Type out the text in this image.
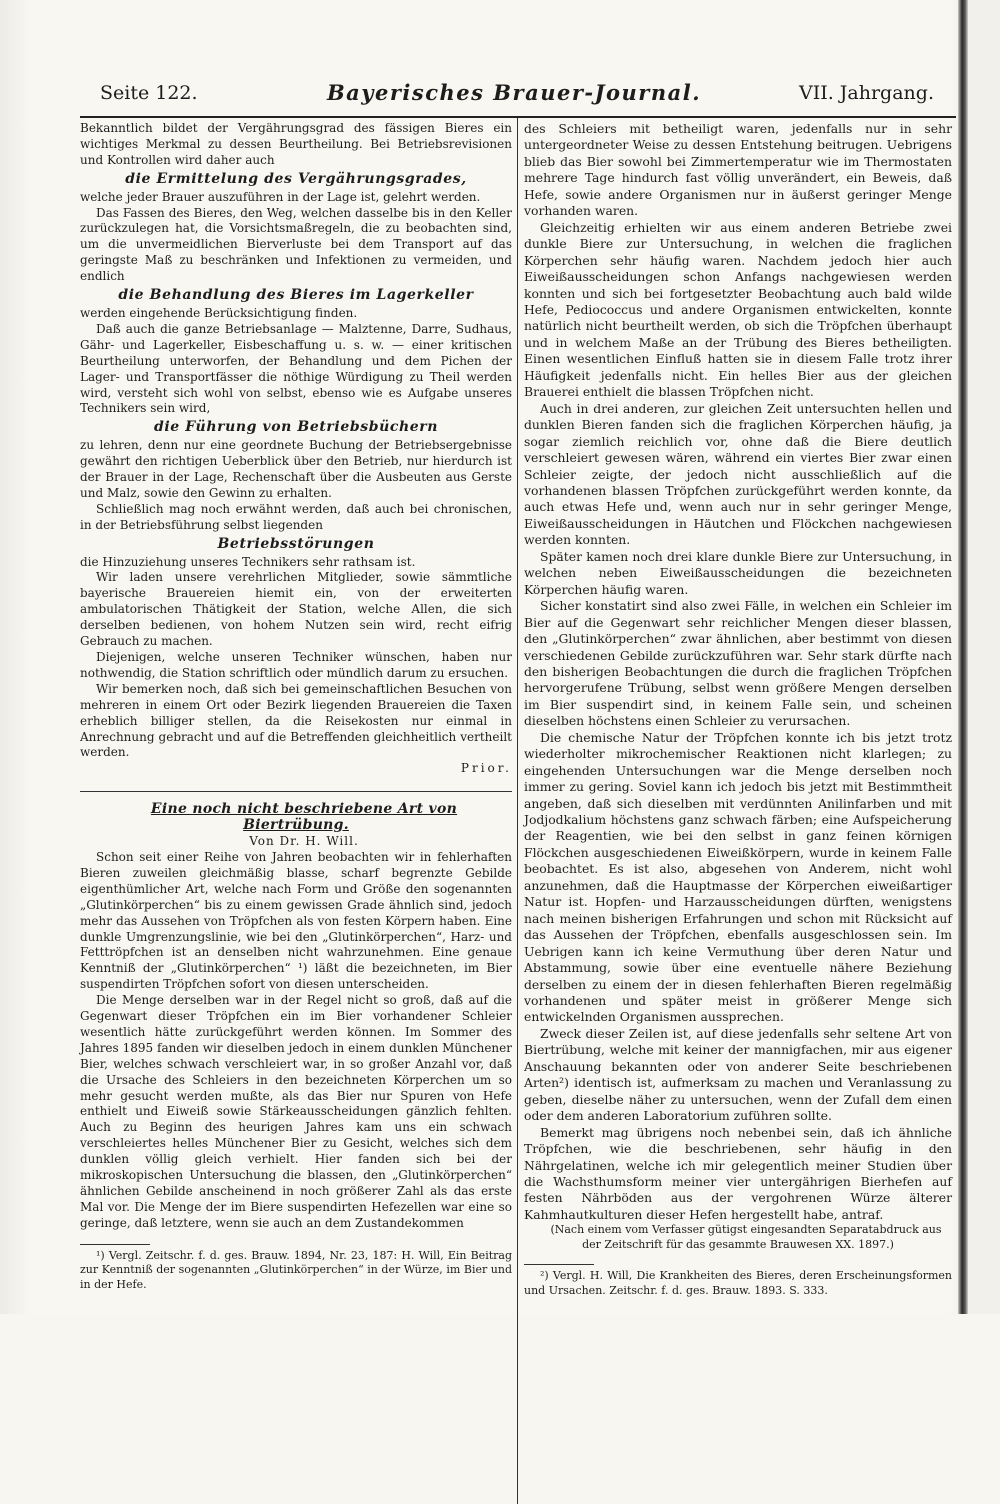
Seite 122.	Bayerisches Brauer-Journal.	VII. Jahrgang.

Bekanntlich bildet der Vergährungsgrad des fässigen Bieres ein wichtiges Merkmal zu dessen Beurtheilung. Bei Betriebsrevisionen und Kontrollen wird daher auch

die Ermittelung des Vergährungsgrades,

welche jeder Brauer auszuführen in der Lage ist, gelehrt werden.

Das Fassen des Bieres, den Weg, welchen dasselbe bis in den Keller zurückzulegen hat, die Vorsichtsmaßregeln, die zu beobachten sind, um die unvermeidlichen Bierverluste bei dem Transport auf das geringste Maß zu beschränken und Infektionen zu vermeiden, und endlich

die Behandlung des Bieres im Lagerkeller

werden eingehende Berücksichtigung finden.

Daß auch die ganze Betriebsanlage — Malztenne, Darre, Sudhaus, Gähr- und Lagerkeller, Eisbeschaffung u. s. w. — einer kritischen Beurtheilung unterworfen, der Behandlung und dem Pichen der Lager- und Transportfässer die nöthige Würdigung zu Theil werden wird, versteht sich wohl von selbst, ebenso wie es Aufgabe unseres Technikers sein wird,

die Führung von Betriebsbüchern

zu lehren, denn nur eine geordnete Buchung der Betriebsergebnisse gewährt den richtigen Ueberblick über den Betrieb, nur hierdurch ist der Brauer in der Lage, Rechenschaft über die Ausbeuten aus Gerste und Malz, sowie den Gewinn zu erhalten.

Schließlich mag noch erwähnt werden, daß auch bei chronischen, in der Betriebsführung selbst liegenden

Betriebsstörungen

die Hinzuziehung unseres Technikers sehr rathsam ist.

Wir laden unsere verehrlichen Mitglieder, sowie sämmtliche bayerische Brauereien hiemit ein, von der erweiterten ambulatorischen Thätigkeit der Station, welche Allen, die sich derselben bedienen, von hohem Nutzen sein wird, recht eifrig Gebrauch zu machen.

Diejenigen, welche unseren Techniker wünschen, haben nur nothwendig, die Station schriftlich oder mündlich darum zu ersuchen.

Wir bemerken noch, daß sich bei gemeinschaftlichen Besuchen von mehreren in einem Ort oder Bezirk liegenden Brauereien die Taxen erheblich billiger stellen, da die Reisekosten nur einmal in Anrechnung gebracht und auf die Betreffenden gleichheitlich vertheilt werden.

Prior.

Eine noch nicht beschriebene Art von Biertrübung.

Von Dr. H. Will.

Schon seit einer Reihe von Jahren beobachten wir in fehlerhaften Bieren zuweilen gleichmäßig blasse, scharf begrenzte Gebilde eigenthümlicher Art, welche nach Form und Größe den sogenannten „Glutinkörperchen“ bis zu einem gewissen Grade ähnlich sind, jedoch mehr das Aussehen von Tröpfchen als von festen Körpern haben. Eine dunkle Umgrenzungslinie, wie bei den „Glutinkörperchen“, Harz- und Fetttröpfchen ist an denselben nicht wahrzunehmen. Eine genaue Kenntniß der „Glutinkörperchen“ ¹) läßt die bezeichneten, im Bier suspendirten Tröpfchen sofort von diesen unterscheiden.

Die Menge derselben war in der Regel nicht so groß, daß auf die Gegenwart dieser Tröpfchen ein im Bier vorhandener Schleier wesentlich hätte zurückgeführt werden können. Im Sommer des Jahres 1895 fanden wir dieselben jedoch in einem dunklen Münchener Bier, welches schwach verschleiert war, in so großer Anzahl vor, daß die Ursache des Schleiers in den bezeichneten Körperchen um so mehr gesucht werden mußte, als das Bier nur Spuren von Hefe enthielt und Eiweiß sowie Stärkeausscheidungen gänzlich fehlten. Auch zu Beginn des heurigen Jahres kam uns ein schwach verschleiertes helles Münchener Bier zu Gesicht, welches sich dem dunklen völlig gleich verhielt. Hier fanden sich bei der mikroskopischen Untersuchung die blassen, den „Glutinkörperchen“ ähnlichen Gebilde anscheinend in noch größerer Zahl als das erste Mal vor. Die Menge der im Biere suspendirten Hefezellen war eine so geringe, daß letztere, wenn sie auch an dem Zustandekommen

¹) Vergl. Zeitschr. f. d. ges. Brauw. 1894, Nr. 23, 187: H. Will, Ein Beitrag zur Kenntniß der sogenannten „Glutinkörperchen“ in der Würze, im Bier und in der Hefe.

des Schleiers mit betheiligt waren, jedenfalls nur in sehr untergeordneter Weise zu dessen Entstehung beitrugen. Uebrigens blieb das Bier sowohl bei Zimmertemperatur wie im Thermostaten mehrere Tage hindurch fast völlig unverändert, ein Beweis, daß Hefe, sowie andere Organismen nur in äußerst geringer Menge vorhanden waren.

Gleichzeitig erhielten wir aus einem anderen Betriebe zwei dunkle Biere zur Untersuchung, in welchen die fraglichen Körperchen sehr häufig waren. Nachdem jedoch hier auch Eiweißausscheidungen schon Anfangs nachgewiesen werden konnten und sich bei fortgesetzter Beobachtung auch bald wilde Hefe, Pediococcus und andere Organismen entwickelten, konnte natürlich nicht beurtheilt werden, ob sich die Tröpfchen überhaupt und in welchem Maße an der Trübung des Bieres betheiligten. Einen wesentlichen Einfluß hatten sie in diesem Falle trotz ihrer Häufigkeit jedenfalls nicht. Ein helles Bier aus der gleichen Brauerei enthielt die blassen Tröpfchen nicht.

Auch in drei anderen, zur gleichen Zeit untersuchten hellen und dunklen Bieren fanden sich die fraglichen Körperchen häufig, ja sogar ziemlich reichlich vor, ohne daß die Biere deutlich verschleiert gewesen wären, während ein viertes Bier zwar einen Schleier zeigte, der jedoch nicht ausschließlich auf die vorhandenen blassen Tröpfchen zurückgeführt werden konnte, da auch etwas Hefe und, wenn auch nur in sehr geringer Menge, Eiweißausscheidungen in Häutchen und Flöckchen nachgewiesen werden konnten.

Später kamen noch drei klare dunkle Biere zur Untersuchung, in welchen neben Eiweißausscheidungen die bezeichneten Körperchen häufig waren.

Sicher konstatirt sind also zwei Fälle, in welchen ein Schleier im Bier auf die Gegenwart sehr reichlicher Mengen dieser blassen, den „Glutinkörperchen“ zwar ähnlichen, aber bestimmt von diesen verschiedenen Gebilde zurückzuführen war. Sehr stark dürfte nach den bisherigen Beobachtungen die durch die fraglichen Tröpfchen hervorgerufene Trübung, selbst wenn größere Mengen derselben im Bier suspendirt sind, in keinem Falle sein, und scheinen dieselben höchstens einen Schleier zu verursachen.

Die chemische Natur der Tröpfchen konnte ich bis jetzt trotz wiederholter mikrochemischer Reaktionen nicht klarlegen; zu eingehenden Untersuchungen war die Menge derselben noch immer zu gering. Soviel kann ich jedoch bis jetzt mit Bestimmtheit angeben, daß sich dieselben mit verdünnten Anilinfarben und mit Jodjodkalium höchstens ganz schwach färben; eine Aufspeicherung der Reagentien, wie bei den selbst in ganz feinen körnigen Flöckchen ausgeschiedenen Eiweißkörpern, wurde in keinem Falle beobachtet. Es ist also, abgesehen von Anderem, nicht wohl anzunehmen, daß die Hauptmasse der Körperchen eiweißartiger Natur ist. Hopfen- und Harzausscheidungen dürften, wenigstens nach meinen bisherigen Erfahrungen und schon mit Rücksicht auf das Aussehen der Tröpfchen, ebenfalls ausgeschlossen sein. Im Uebrigen kann ich keine Vermuthung über deren Natur und Abstammung, sowie über eine eventuelle nähere Beziehung derselben zu einem der in diesen fehlerhaften Bieren regelmäßig vorhandenen und später meist in größerer Menge sich entwickelnden Organismen aussprechen.

Zweck dieser Zeilen ist, auf diese jedenfalls sehr seltene Art von Biertrübung, welche mit keiner der mannigfachen, mir aus eigener Anschauung bekannten oder von anderer Seite beschriebenen Arten²) identisch ist, aufmerksam zu machen und Veranlassung zu geben, dieselbe näher zu untersuchen, wenn der Zufall dem einen oder dem anderen Laboratorium zuführen sollte.

Bemerkt mag übrigens noch nebenbei sein, daß ich ähnliche Tröpfchen, wie die beschriebenen, sehr häufig in den Nährgelatinen, welche ich mir gelegentlich meiner Studien über die Wachsthumsform meiner vier untergährigen Bierhefen auf festen Nährböden aus der vergohrenen Würze älterer Kahmhautkulturen dieser Hefen hergestellt habe, antraf.

(Nach einem vom Verfasser gütigst eingesandten Separatabdruck aus der Zeitschrift für das gesammte Brauwesen XX. 1897.)

²) Vergl. H. Will, Die Krankheiten des Bieres, deren Erscheinungsformen und Ursachen. Zeitschr. f. d. ges. Brauw. 1893. S. 333.
